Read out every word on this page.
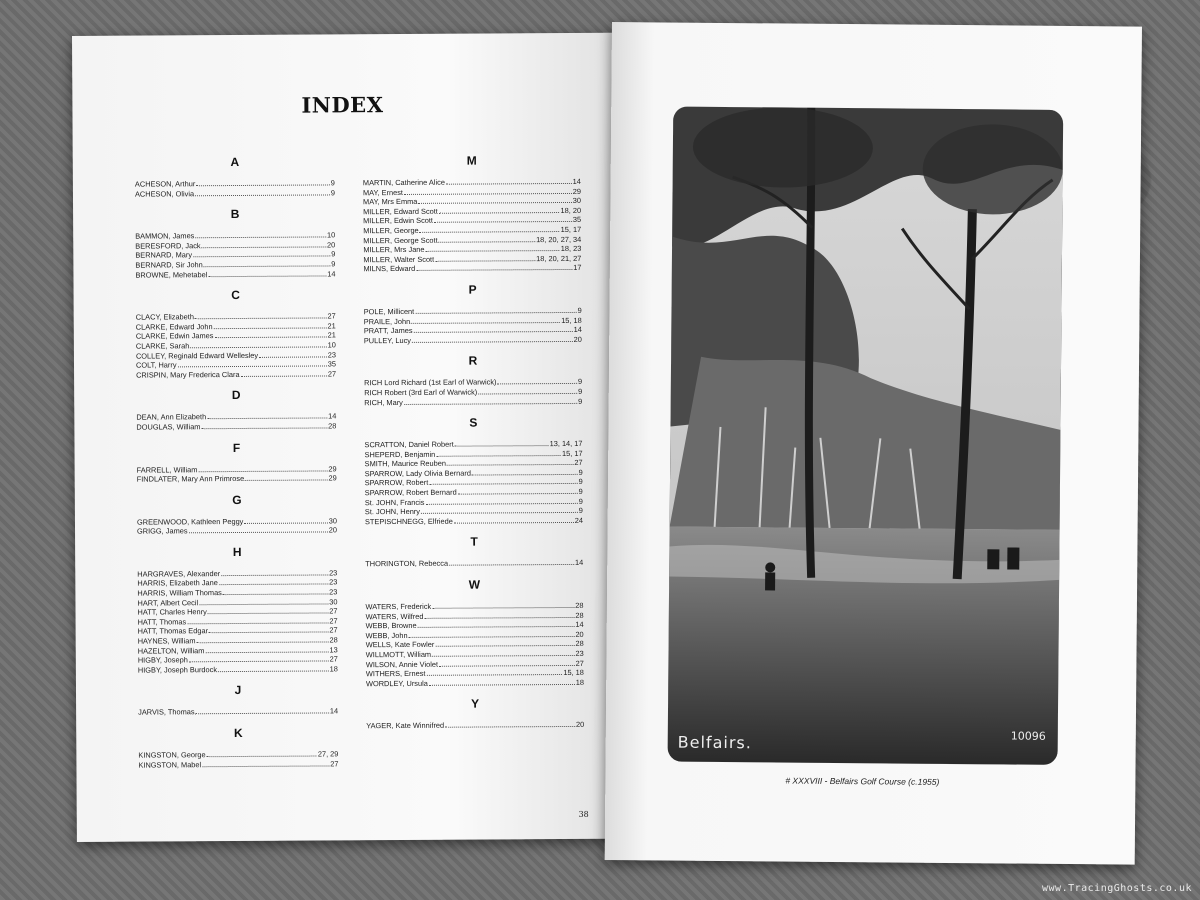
INDEX
A
ACHESON, Arthur	9
ACHESON, Olivia	9
B
BAMMON, James	10
BERESFORD, Jack	20
BERNARD, Mary	9
BERNARD, Sir John	9
BROWNE, Mehetabel	14
C
CLACY, Elizabeth	27
CLARKE, Edward John	21
CLARKE, Edwin James	21
CLARKE, Sarah	10
COLLEY, Reginald Edward Wellesley	23
COLT, Harry	35
CRISPIN, Mary Frederica Clara	27
D
DEAN, Ann Elizabeth	14
DOUGLAS, William	28
F
FARRELL, William	29
FINDLATER, Mary Ann Primrose	29
G
GREENWOOD, Kathleen Peggy	30
GRIGG, James	20
H
HARGRAVES, Alexander	23
HARRIS, Elizabeth Jane	23
HARRIS, William Thomas	23
HART, Albert Cecil	30
HATT, Charles Henry	27
HATT, Thomas	27
HATT, Thomas Edgar	27
HAYNES, William	28
HAZELTON, William	13
HIGBY, Joseph	27
HIGBY, Joseph Burdock	18
J
JARVIS, Thomas	14
K
KINGSTON, George	27, 29
KINGSTON, Mabel	27
M
MARTIN, Catherine Alice	14
MAY, Ernest	29
MAY, Mrs Emma	30
MILLER, Edward Scott	18, 20
MILLER, Edwin Scott	35
MILLER, George	15, 17
MILLER, George Scott	18, 20, 27, 34
MILLER, Mrs Jane	18, 23
MILLER, Walter Scott	18, 20, 21, 27
MILNS, Edward	17
P
POLE, Millicent	9
PRAILE, John	15, 18
PRATT, James	14
PULLEY, Lucy	20
R
RICH Lord Richard (1st Earl of Warwick)	9
RICH Robert (3rd Earl of Warwick)	9
RICH, Mary	9
S
SCRATTON, Daniel Robert	13, 14, 17
SHEPERD, Benjamin	15, 17
SMITH, Maurice Reuben	27
SPARROW, Lady Olivia Bernard	9
SPARROW, Robert	9
SPARROW, Robert Bernard	9
St. JOHN, Francis	9
St. JOHN, Henry	9
STEPISCHNEGG, Elfriede	24
T
THORINGTON, Rebecca	14
W
WATERS, Frederick	28
WATERS, Wilfred	28
WEBB, Browne	14
WEBB, John	20
WELLS, Kate Fowler	28
WILLMOTT, William	23
WILSON, Annie Violet	27
WITHERS, Ernest	15, 18
WORDLEY, Ursula	18
Y
YAGER, Kate Winnifred	20
38
Belfairs.	10096
# XXXVIII - Belfairs Golf Course (c.1955)
www.TracingGhosts.co.uk
